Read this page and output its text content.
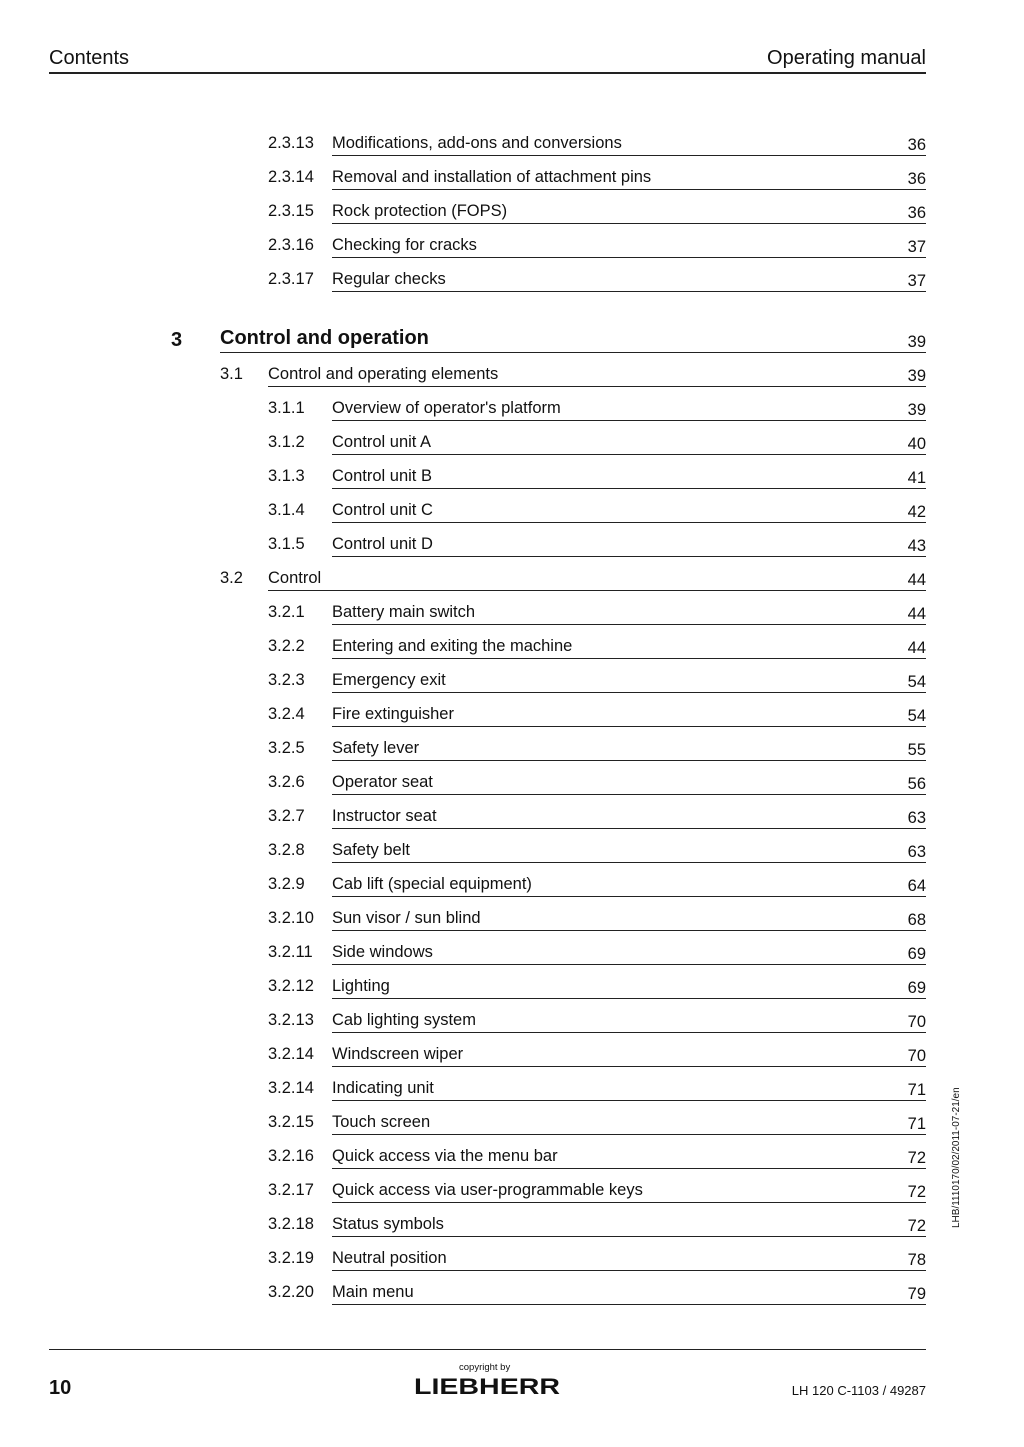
Contents	Operating manual
2.3.13 Modifications, add-ons and conversions	36
2.3.14 Removal and installation of attachment pins	36
2.3.15 Rock protection (FOPS)	36
2.3.16 Checking for cracks	37
2.3.17 Regular checks	37
3 Control and operation	39
3.1 Control and operating elements	39
3.1.1 Overview of operator's platform	39
3.1.2 Control unit A	40
3.1.3 Control unit B	41
3.1.4 Control unit C	42
3.1.5 Control unit D	43
3.2 Control	44
3.2.1 Battery main switch	44
3.2.2 Entering and exiting the machine	44
3.2.3 Emergency exit	54
3.2.4 Fire extinguisher	54
3.2.5 Safety lever	55
3.2.6 Operator seat	56
3.2.7 Instructor seat	63
3.2.8 Safety belt	63
3.2.9 Cab lift (special equipment)	64
3.2.10 Sun visor / sun blind	68
3.2.11 Side windows	69
3.2.12 Lighting	69
3.2.13 Cab lighting system	70
3.2.14 Windscreen wiper	70
3.2.14 Indicating unit	71
3.2.15 Touch screen	71
3.2.16 Quick access via the menu bar	72
3.2.17 Quick access via user-programmable keys	72
3.2.18 Status symbols	72
3.2.19 Neutral position	78
3.2.20 Main menu	79
LHB/1110170/02/2011-07-21/en
10
copyright by
LIEBHERR	LH 120 C-1103 / 49287
